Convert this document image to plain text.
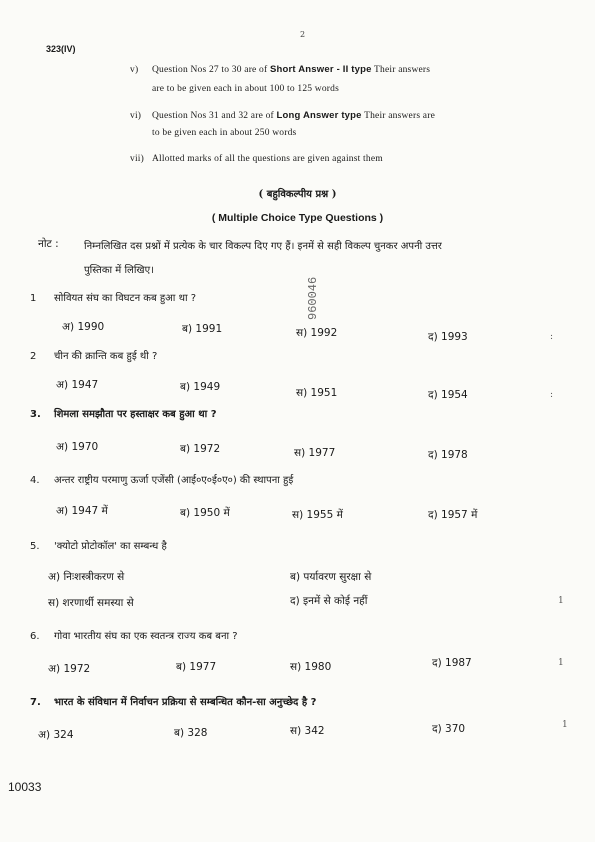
323(IV)
2
v) Question Nos 27 to 30 are of Short Answer - II type Their answers
are to be given each in about 100 to 125 words
vi) Question Nos 31 and 32 are of Long Answer type Their answers are
to be given each in about 250 words
vii) Allotted marks of all the questions are given against them
( बहुविकल्पीय प्रश्न )
( Multiple Choice Type Questions )
नोट :	निम्नलिखित दस प्रश्नों में प्रत्येक के चार विकल्प दिए गए हैं। इनमें से सही विकल्प चुनकर अपनी उत्तर
पुस्तिका में लिखिए।
1 सोवियत संघ का विघटन कब हुआ था ?
अ) 1990	ब) 1991	स) 1992	द) 1993	:
2 चीन की क्रान्ति कब हुई थी ?
अ) 1947	ब) 1949	स) 1951	द) 1954	:
3. शिमला समझौता पर हस्ताक्षर कब हुआ था ?
अ) 1970	ब) 1972	स) 1977	द) 1978
4. अन्तर राष्ट्रीय परमाणु ऊर्जा एजेंसी (आई०ए०ई०ए०) की स्थापना हुई
अ) 1947 में	ब) 1950 में	स) 1955 में	द) 1957 में
5. 'क्योटो प्रोटोकॉल' का सम्बन्ध है
अ) निःशस्त्रीकरण से	ब) पर्यावरण सुरक्षा से
स) शरणार्थी समस्या से	द) इनमें से कोई नहीं	1
6. गोवा भारतीय संघ का एक स्वतन्त्र राज्य कब बना ?
अ) 1972	ब) 1977	स) 1980	द) 1987	1
7. भारत के संविधान में निर्वाचन प्रक्रिया से सम्बन्धित कौन-सा अनुच्छेद है ?
अ) 324	ब) 328	स) 342	द) 370	1
960046
10033
